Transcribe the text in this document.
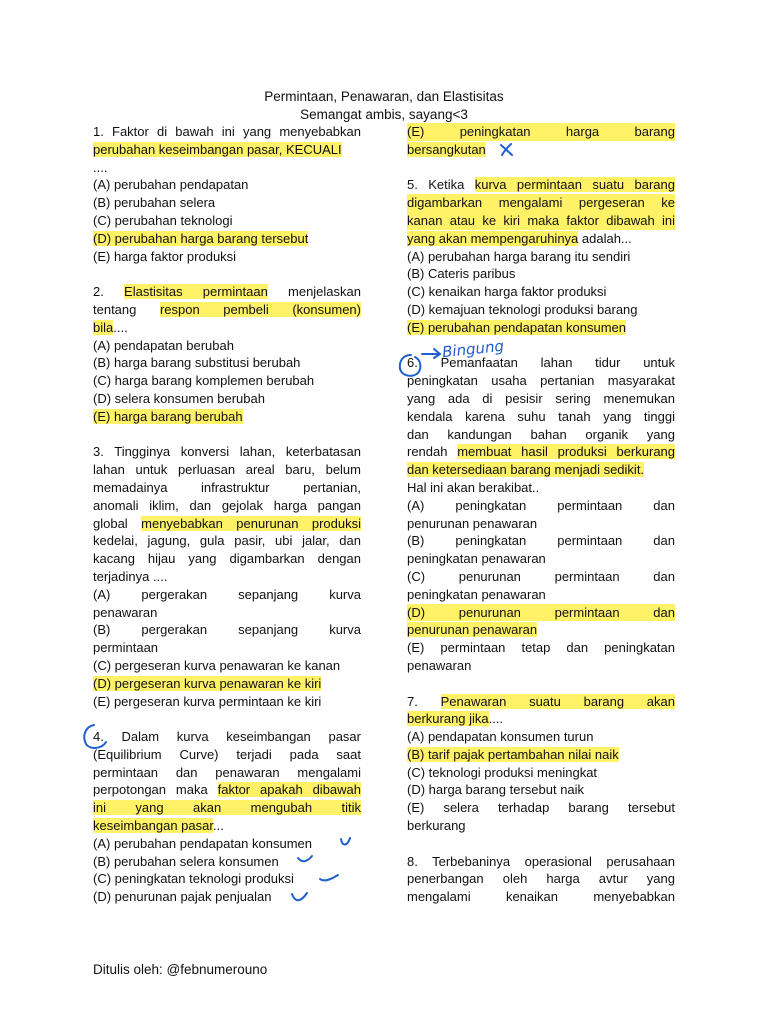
Permintaan, Penawaran, dan Elastisitas
Semangat ambis, sayang<3

1. Faktor di bawah ini yang menyebabkan

perubahan keseimbangan pasar, KECUALI

....

(A) perubahan pendapatan

(B) perubahan selera

(C) perubahan teknologi

(D) perubahan harga barang tersebut

(E) harga faktor produksi

2. Elastisitas permintaan menjelaskan

tentang respon pembeli (konsumen)

bila....

(A) pendapatan berubah

(B) harga barang substitusi berubah

(C) harga barang komplemen berubah

(D) selera konsumen berubah

(E) harga barang berubah

3. Tingginya konversi lahan, keterbatasan

lahan untuk perluasan areal baru, belum

memadainya infrastruktur pertanian,

anomali iklim, dan gejolak harga pangan

global menyebabkan penurunan produksi

kedelai, jagung, gula pasir, ubi jalar, dan

kacang hijau yang digambarkan dengan

terjadinya ....

(A) pergerakan sepanjang kurva

penawaran

(B) pergerakan sepanjang kurva

permintaan

(C) pergeseran kurva penawaran ke kanan

(D) pergeseran kurva penawaran ke kiri

(E) pergeseran kurva permintaan ke kiri

4. Dalam kurva keseimbangan pasar

(Equilibrium Curve) terjadi pada saat

permintaan dan penawaran mengalami

perpotongan maka faktor apakah dibawah

ini yang akan mengubah titik

keseimbangan pasar...

(A) perubahan pendapatan konsumen

(B) perubahan selera konsumen

(C) peningkatan teknologi produksi

(D) penurunan pajak penjualan

(E) peningkatan harga barang

bersangkutan

5. Ketika kurva permintaan suatu barang

digambarkan mengalami pergeseran ke

kanan atau ke kiri maka faktor dibawah ini

yang akan mempengaruhinya adalah...

(A) perubahan harga barang itu sendiri

(B) Cateris paribus

(C) kenaikan harga faktor produksi

(D) kemajuan teknologi produksi barang

(E) perubahan pendapatan konsumen

6. Pemanfaatan lahan tidur untuk

peningkatan usaha pertanian masyarakat

yang ada di pesisir sering menemukan

kendala karena suhu tanah yang tinggi

dan kandungan bahan organik yang

rendah membuat hasil produksi berkurang

dan ketersediaan barang menjadi sedikit.

Hal ini akan berakibat..

(A) peningkatan permintaan dan

penurunan penawaran

(B) peningkatan permintaan dan

peningkatan penawaran

(C) penurunan permintaan dan

peningkatan penawaran

(D) penurunan permintaan dan

penurunan penawaran

(E) permintaan tetap dan peningkatan

penawaran

7. Penawaran suatu barang akan

berkurang jika....

(A) pendapatan konsumen turun

(B) tarif pajak pertambahan nilai naik

(C) teknologi produksi meningkat

(D) harga barang tersebut naik

(E) selera terhadap barang tersebut

berkurang

8. Terbebaninya operasional perusahaan

penerbangan oleh harga avtur yang

mengalami kenaikan menyebabkan

Ditulis oleh: @febnumerouno
Bingung
